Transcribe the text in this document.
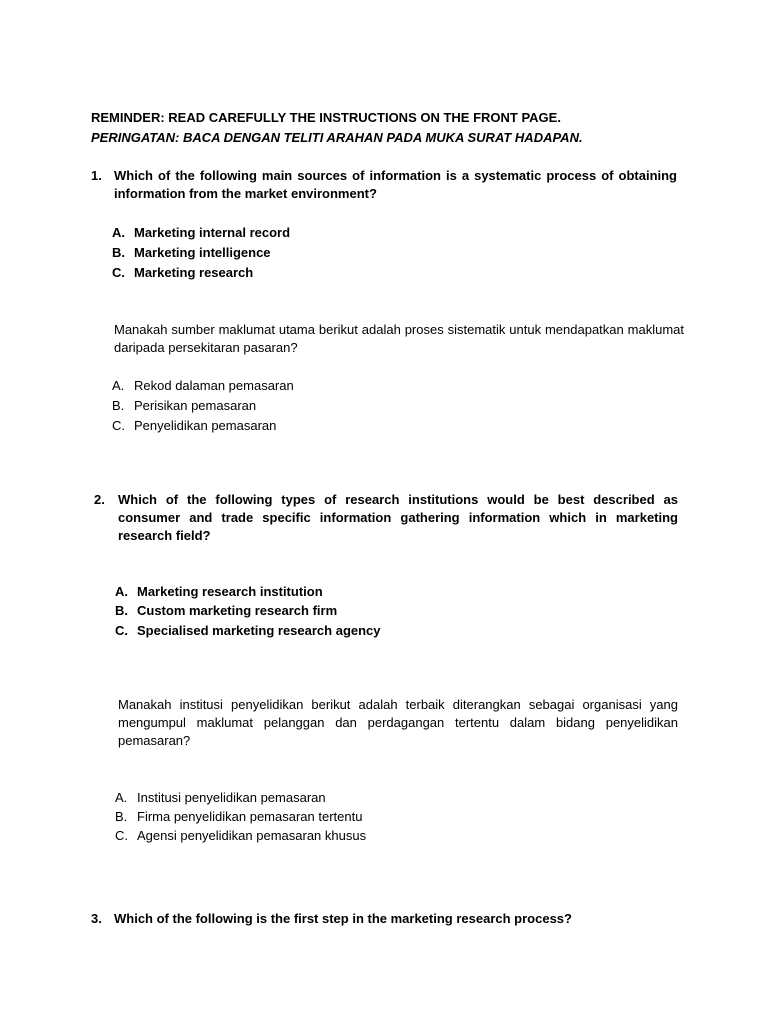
REMINDER: READ CAREFULLY THE INSTRUCTIONS ON THE FRONT PAGE.
PERINGATAN: BACA DENGAN TELITI ARAHAN PADA MUKA SURAT HADAPAN.
1. Which of the following main sources of information is a systematic process of obtaining information from the market environment?
A. Marketing internal record
B. Marketing intelligence
C. Marketing research
Manakah sumber maklumat utama berikut adalah proses sistematik untuk mendapatkan maklumat daripada persekitaran pasaran?
A. Rekod dalaman pemasaran
B. Perisikan pemasaran
C. Penyelidikan pemasaran
2. Which of the following types of research institutions would be best described as consumer and trade specific information gathering information which in marketing research field?
A. Marketing research institution
B. Custom marketing research firm
C. Specialised marketing research agency
Manakah institusi penyelidikan berikut adalah terbaik diterangkan sebagai organisasi yang mengumpul maklumat pelanggan dan perdagangan tertentu dalam bidang penyelidikan pemasaran?
A. Institusi penyelidikan pemasaran
B. Firma penyelidikan pemasaran tertentu
C. Agensi penyelidikan pemasaran khusus
3. Which of the following is the first step in the marketing research process?
